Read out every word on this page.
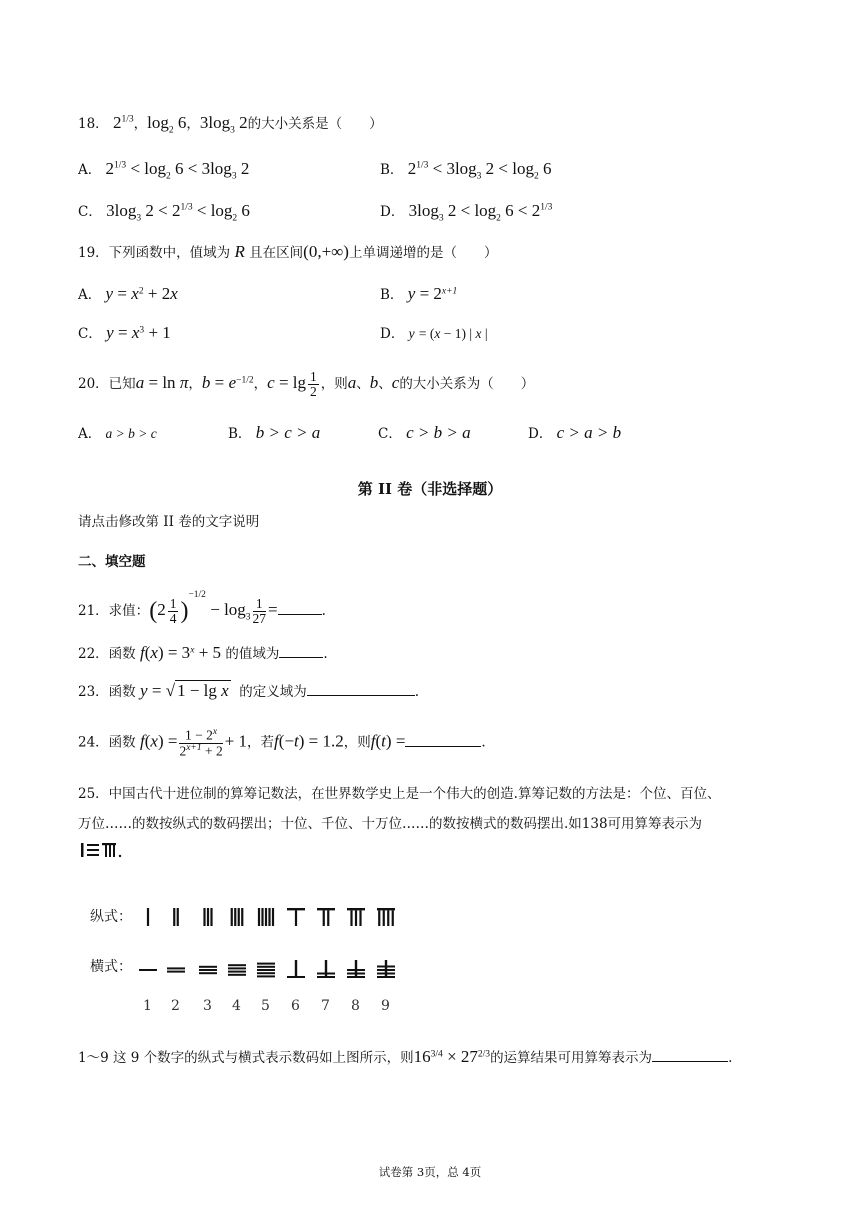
18． $2^{1/3}$，$\log_2 6$，$3\log_3$ 2的大小关系是（　　）
A． $2^{1/3} < \log_2 6 < 3\log_3$ 2	B． $2^{1/3} < 3\log_3$ $2 < \log_2 6$
C． $3\log_3$ $2 < 2^{1/3} < \log_2 6$	D． $3\log_3$ $2 < \log_2 6 < 2^{1/3}$
19．下列函数中，值域为 R 且在区间(0,+∞)上单调递增的是（　　）
A． $y = x^2 + 2x$	B． $y = 2^{x+1}$
C． $y = x^3 + 1$	D． y = (x − 1) | x |
20．已知a = ln π，$b = e^{-1/2}$，$c = \lg \frac{1}{2}$ ，则a、b、c的大小关系为（　　）
A． a > b > c	B． b > c > a	C． c > b > a	D． c > a > b
第 II 卷（非选择题）
请点击修改第 II 卷的文字说明
二、填空题
21．求值：$(2 \frac{1}{4} )^{-1/2} - \log_3 \frac{1}{27}$ =	.
22．函数 $f(x) = 3^x + 5$ 的值域为	.
23．函数 y = √ 1 − lg x 的定义域为	.
24．函数 $f(x) = \frac{1 - 2^x}{2^{x+1} + 2} + 1$，若f(−t) = 1.2，则f(t) =	.
25．中国古代十进位制的算筹记数法，在世界数学史上是一个伟大的创造.算筹记数的方法是：个位、百位、
万位……的数按纵式的数码摆出；十位、千位、十万位……的数按横式的数码摆出.如138可用算筹表示为
纵式：
横式：
1 2 3 4 5 6 7 8 9
1～9 这 9 个数字的纵式与横式表示数码如上图所示，则$16^{3/4} \times 27^{2/3}$的运算结果可用算筹表示为	.
试卷第 3页，总 4页
